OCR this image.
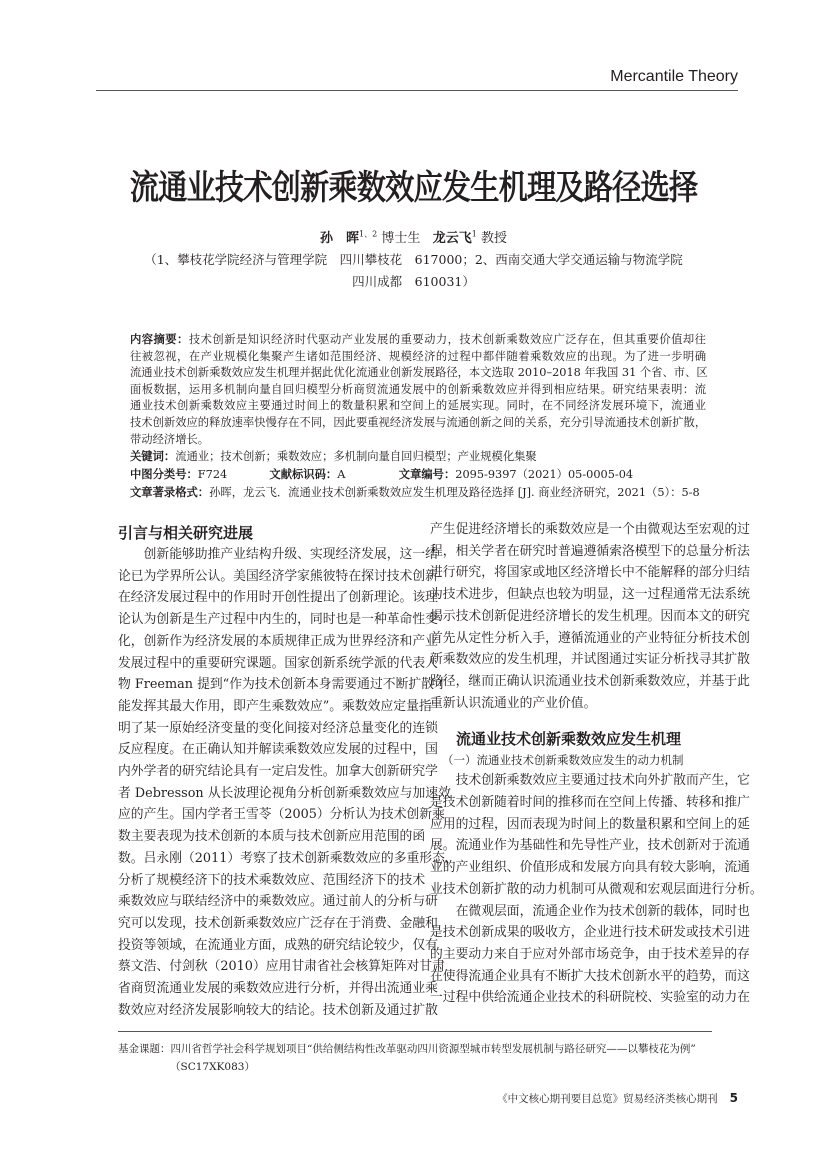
Mercantile Theory
流通业技术创新乘数效应发生机理及路径选择
孙　晖$^{1、2}$ 博士生 龙云飞$^1$ 教授
（1、攀枝花学院经济与管理学院　四川攀枝花　617000；2、西南交通大学交通运输与物流学院
四川成都　610031）
内容摘要：技术创新是知识经济时代驱动产业发展的重要动力，技术创新乘数效应广泛存在，但其重要价值却往
往被忽视，在产业规模化集聚产生诸如范围经济、规模经济的过程中都伴随着乘数效应的出现。为了进一步明确
流通业技术创新乘数效应发生机理并据此优化流通业创新发展路径，本文选取 2010–2018 年我国 31 个省、市、区
面板数据，运用多机制向量自回归模型分析商贸流通发展中的创新乘数效应并得到相应结果。研究结果表明：流
通业技术创新乘数效应主要通过时间上的数量积累和空间上的延展实现。同时，在不同经济发展环境下，流通业
技术创新效应的释放速率快慢存在不同，因此要重视经济发展与流通创新之间的关系，充分引导流通技术创新扩散，
带动经济增长。
关键词：流通业；技术创新；乘数效应；多机制向量自回归模型；产业规模化集聚
中图分类号：F724	文献标识码：A	文章编号：2095-9397（2021）05-0005-04
文章著录格式：孙晖，龙云飞．流通业技术创新乘数效应发生机理及路径选择 [J]. 商业经济研究，2021（5）：5-8
引言与相关研究进展
创新能够助推产业结构升级、实现经济发展，这一结
论已为学界所公认。美国经济学家熊彼特在探讨技术创新
在经济发展过程中的作用时开创性提出了创新理论。该理
论认为创新是生产过程中内生的，同时也是一种革命性变
化，创新作为经济发展的本质规律正成为世界经济和产业
发展过程中的重要研究课题。国家创新系统学派的代表人
物 Freeman 提到“作为技术创新本身需要通过不断扩散才
能发挥其最大作用，即产生乘数效应”。乘数效应定量指
明了某一原始经济变量的变化间接对经济总量变化的连锁
反应程度。在正确认知并解读乘数效应发展的过程中，国
内外学者的研究结论具有一定启发性。加拿大创新研究学
者 Debresson 从长波理论视角分析创新乘数效应与加速效
应的产生。国内学者王雪苓（2005）分析认为技术创新乘
数主要表现为技术创新的本质与技术创新应用范围的函
数。吕永刚（2011）考察了技术创新乘数效应的多重形态，
分析了规模经济下的技术乘数效应、范围经济下的技术
乘数效应与联结经济中的乘数效应。通过前人的分析与研
究可以发现，技术创新乘数效应广泛存在于消费、金融和
投资等领域，在流通业方面，成熟的研究结论较少，仅有
蔡文浩、付剑秋（2010）应用甘肃省社会核算矩阵对甘肃
省商贸流通业发展的乘数效应进行分析，并得出流通业乘
数效应对经济发展影响较大的结论。技术创新及通过扩散
产生促进经济增长的乘数效应是一个由微观达至宏观的过
程，相关学者在研究时普遍遵循索洛模型下的总量分析法
进行研究，将国家或地区经济增长中不能解释的部分归结
为技术进步，但缺点也较为明显，这一过程通常无法系统
揭示技术创新促进经济增长的发生机理。因而本文的研究
首先从定性分析入手，遵循流通业的产业特征分析技术创
新乘数效应的发生机理，并试图通过实证分析找寻其扩散
路径，继而正确认识流通业技术创新乘数效应，并基于此
重新认识流通业的产业价值。
流通业技术创新乘数效应发生机理
（一）流通业技术创新乘数效应发生的动力机制
技术创新乘数效应主要通过技术向外扩散而产生，它
是技术创新随着时间的推移而在空间上传播、转移和推广
应用的过程，因而表现为时间上的数量积累和空间上的延
展。流通业作为基础性和先导性产业，技术创新对于流通
业的产业组织、价值形成和发展方向具有较大影响，流通
业技术创新扩散的动力机制可从微观和宏观层面进行分析。
在微观层面，流通企业作为技术创新的载体，同时也
是技术创新成果的吸收方，企业进行技术研发或技术引进
的主要动力来自于应对外部市场竞争，由于技术差异的存
在使得流通企业具有不断扩大技术创新水平的趋势，而这
一过程中供给流通企业技术的科研院校、实验室的动力在
基金课题：四川省哲学社会科学规划项目“供给侧结构性改革驱动四川资源型城市转型发展机制与路径研究——以攀枝花为例”
（SC17XK083）
《中文核心期刊要目总览》贸易经济类核心期刊 5
